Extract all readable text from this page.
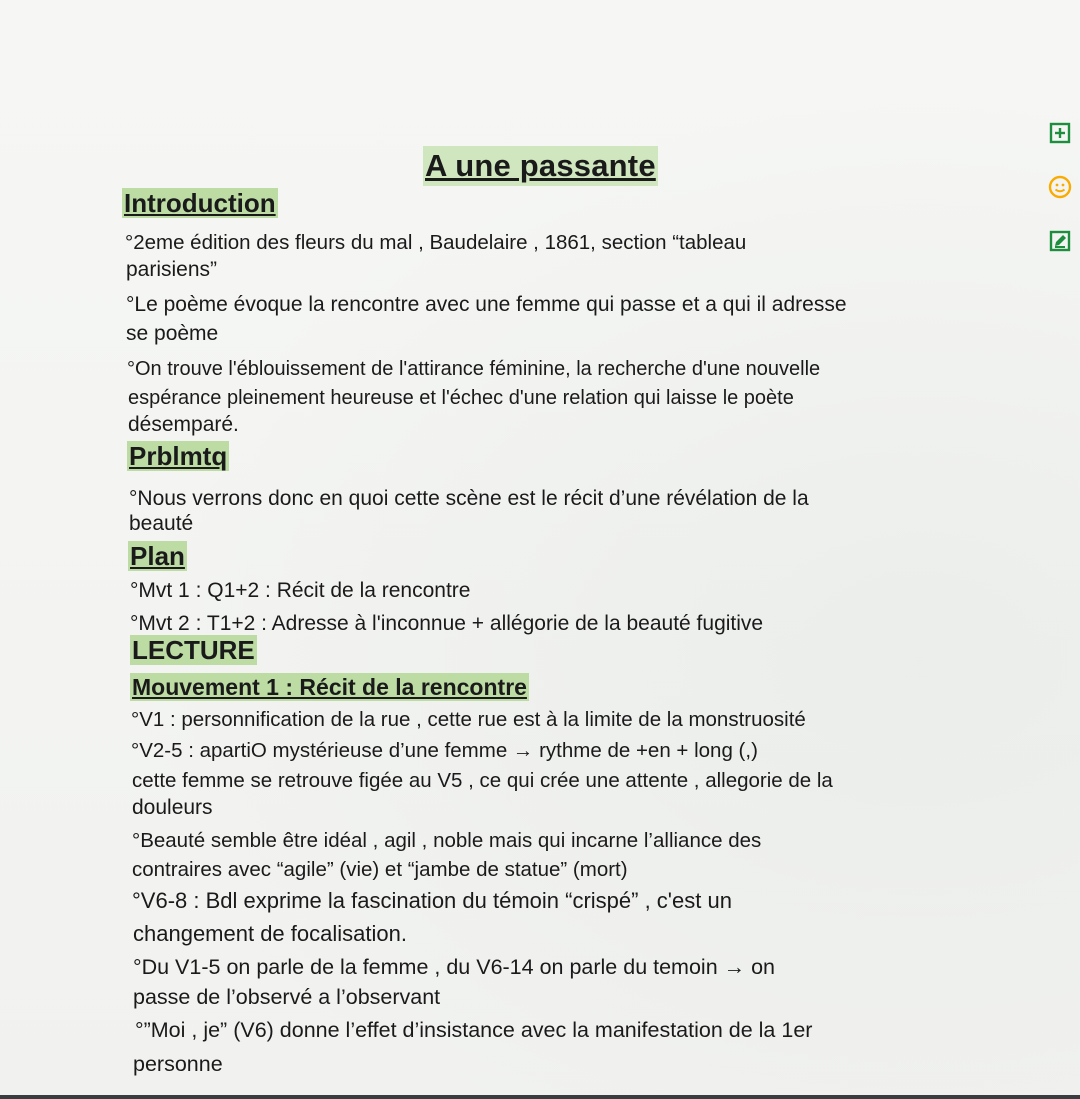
A une passante
Introduction
°2eme édition des fleurs du mal , Baudelaire , 1861, section “tableau
parisiens”
°Le poème évoque la rencontre avec une femme qui passe et a qui il adresse
se poème
°On trouve l'éblouissement de l'attirance féminine, la recherche d'une nouvelle
espérance pleinement heureuse et l'échec d'une relation qui laisse le poète
désemparé.
Prblmtq
°Nous verrons donc en quoi cette scène est le récit d’une révélation de la
beauté
Plan
°Mvt 1 : Q1+2 : Récit de la rencontre
°Mvt 2 : T1+2 : Adresse à l'inconnue + allégorie de la beauté fugitive
LECTURE
Mouvement 1 : Récit de la rencontre
°V1 : personnification de la rue , cette rue est à la limite de la monstruosité
°V2-5 : apartiO mystérieuse d’une femme → rythme de +en + long (,)
cette femme se retrouve figée au V5 , ce qui crée une attente , allegorie de la
douleurs
°Beauté semble être idéal , agil , noble mais qui incarne l’alliance des
contraires avec “agile” (vie) et “jambe de statue” (mort)
°V6-8 : Bdl exprime la fascination du témoin “crispé” , c'est un
changement de focalisation.
°Du V1-5 on parle de la femme , du V6-14 on parle du temoin → on
passe de l’observé a l’observant
°”Moi , je” (V6) donne l’effet d’insistance avec la manifestation de la 1er
personne
